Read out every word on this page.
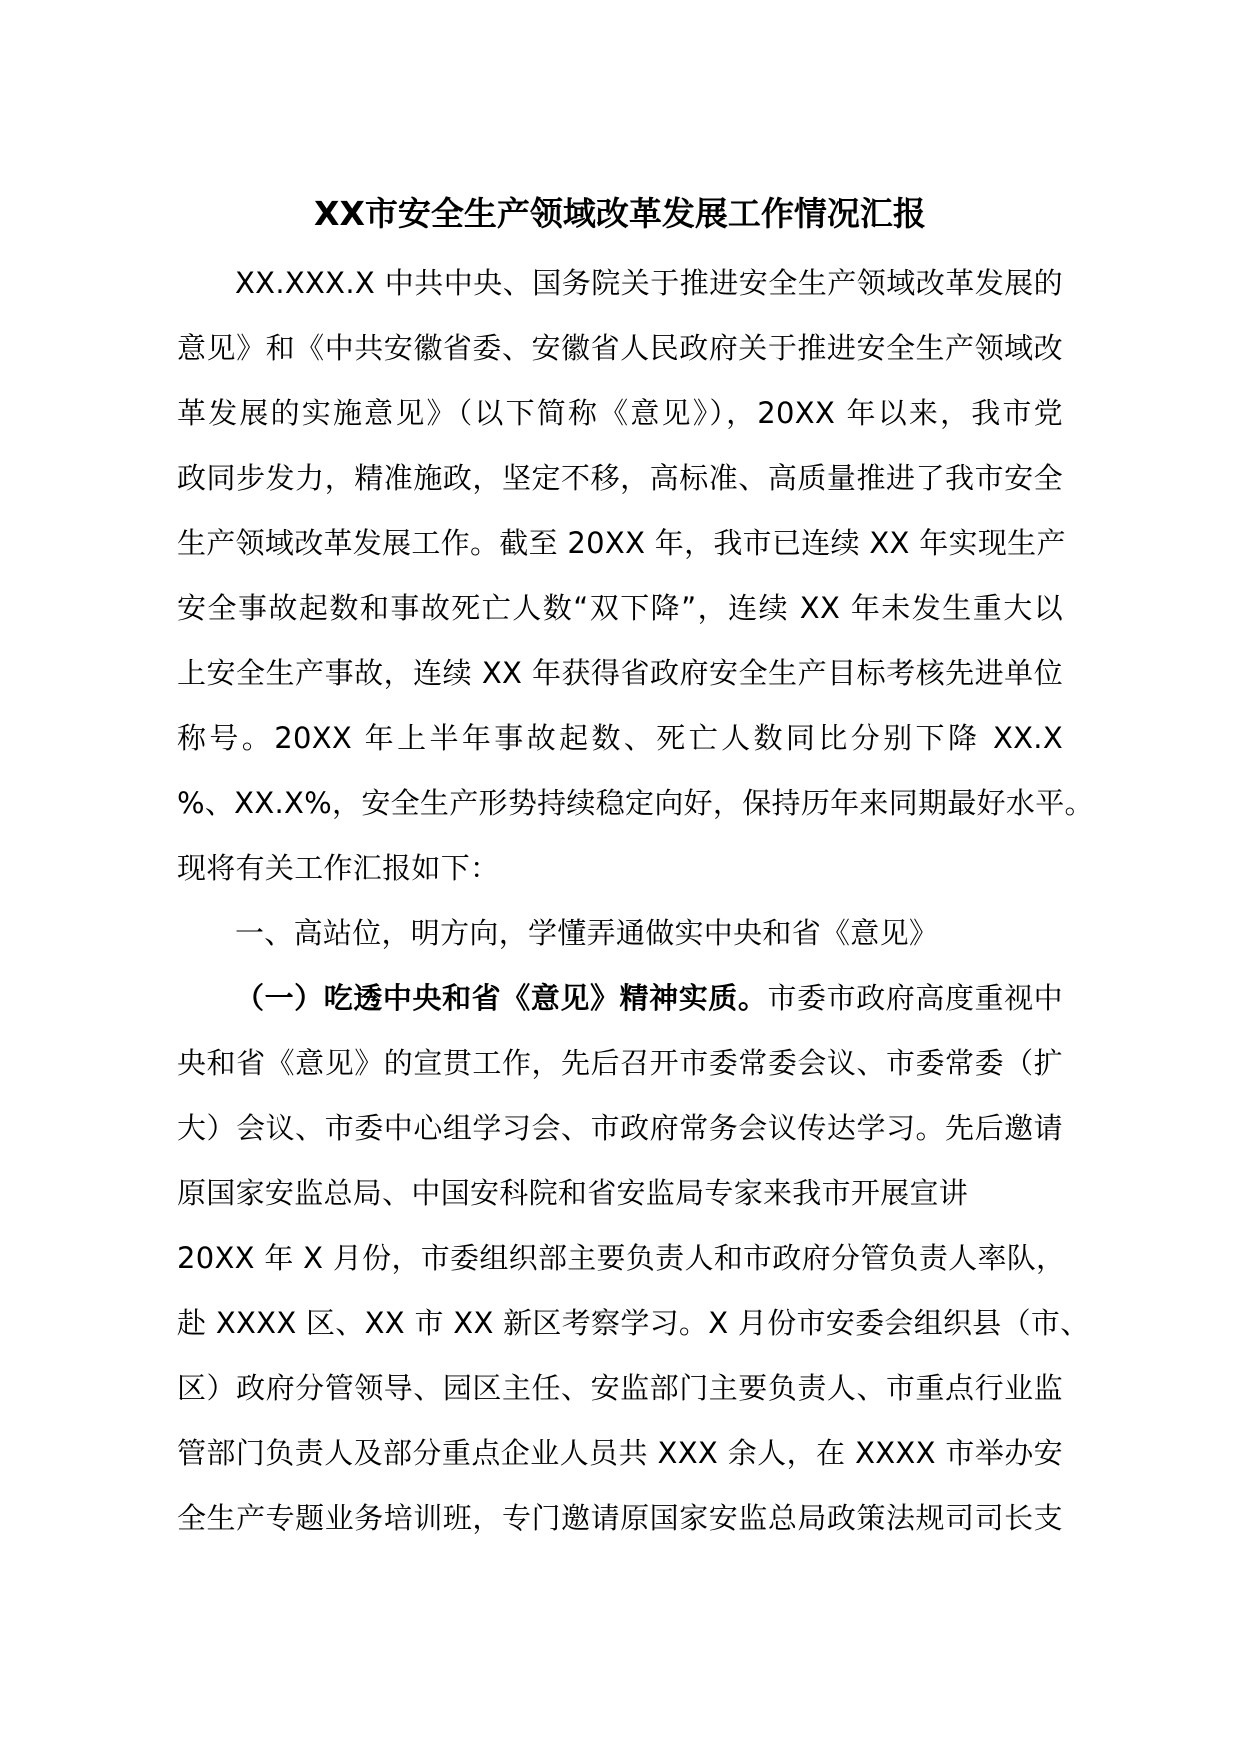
XX市安全生产领域改革发展工作情况汇报
XX.XXX.X 中共中央、国务院关于推进安全生产领域改革发展的
意见》和《中共安徽省委、安徽省人民政府关于推进安全生产领域改
革发展的实施意见》（以下简称《意见》），20XX 年以来，我市党
政同步发力，精准施政，坚定不移，高标准、高质量推进了我市安全
生产领域改革发展工作。截至 20XX 年，我市已连续 XX 年实现生产
安全事故起数和事故死亡人数“双下降”，连续 XX 年未发生重大以
上安全生产事故，连续 XX 年获得省政府安全生产目标考核先进单位
称号。20XX 年上半年事故起数、死亡人数同比分别下降 XX.X
%、XX.X%，安全生产形势持续稳定向好，保持历年来同期最好水平。
现将有关工作汇报如下：
一、高站位，明方向，学懂弄通做实中央和省《意见》
（一）吃透中央和省《意见》精神实质。市委市政府高度重视中
央和省《意见》的宣贯工作，先后召开市委常委会议、市委常委（扩
大）会议、市委中心组学习会、市政府常务会议传达学习。先后邀请
原国家安监总局、中国安科院和省安监局专家来我市开展宣讲
20XX 年 X 月份，市委组织部主要负责人和市政府分管负责人率队，
赴 XXXX 区、XX 市 XX 新区考察学习。X 月份市安委会组织县（市、
区）政府分管领导、园区主任、安监部门主要负责人、市重点行业监
管部门负责人及部分重点企业人员共 XXX 余人，在 XXXX 市举办安
全生产专题业务培训班，专门邀请原国家安监总局政策法规司司长支
